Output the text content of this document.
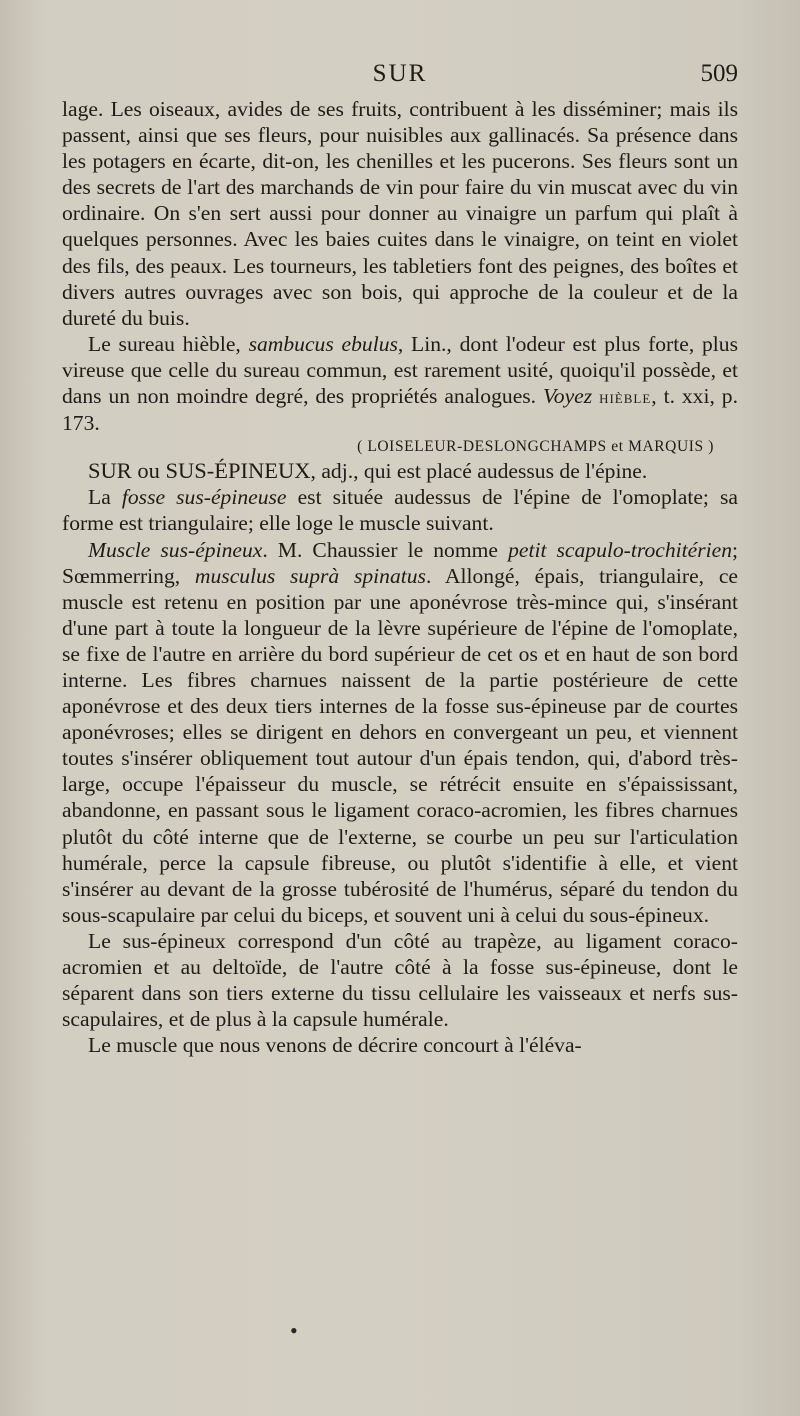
SUR	509

lage. Les oiseaux, avides de ses fruits, contribuent à les disséminer; mais ils passent, ainsi que ses fleurs, pour nuisibles aux gallinacés. Sa présence dans les potagers en écarte, dit-on, les chenilles et les pucerons. Ses fleurs sont un des secrets de l'art des marchands de vin pour faire du vin muscat avec du vin ordinaire. On s'en sert aussi pour donner au vinaigre un parfum qui plaît à quelques personnes. Avec les baies cuites dans le vinaigre, on teint en violet des fils, des peaux. Les tourneurs, les tabletiers font des peignes, des boîtes et divers autres ouvrages avec son bois, qui approche de la couleur et de la dureté du buis.

Le sureau hièble, sambucus ebulus, Lin., dont l'odeur est plus forte, plus vireuse que celle du sureau commun, est rarement usité, quoiqu'il possède, et dans un non moindre degré, des propriétés analogues. Voyez hièble, t. xxi, p. 173.

( LOISELEUR-DESLONGCHAMPS et MARQUIS )

SUR ou SUS-ÉPINEUX, adj., qui est placé audessus de l'épine.

La fosse sus-épineuse est située audessus de l'épine de l'omoplate; sa forme est triangulaire; elle loge le muscle suivant.

Muscle sus-épineux. M. Chaussier le nomme petit scapulo-trochitérien; Sœmmerring, musculus suprà spinatus. Allongé, épais, triangulaire, ce muscle est retenu en position par une aponévrose très-mince qui, s'insérant d'une part à toute la longueur de la lèvre supérieure de l'épine de l'omoplate, se fixe de l'autre en arrière du bord supérieur de cet os et en haut de son bord interne. Les fibres charnues naissent de la partie postérieure de cette aponévrose et des deux tiers internes de la fosse sus-épineuse par de courtes aponévroses; elles se dirigent en dehors en convergeant un peu, et viennent toutes s'insérer obliquement tout autour d'un épais tendon, qui, d'abord très-large, occupe l'épaisseur du muscle, se rétrécit ensuite en s'épaississant, abandonne, en passant sous le ligament coraco-acromien, les fibres charnues plutôt du côté interne que de l'externe, se courbe un peu sur l'articulation humérale, perce la capsule fibreuse, ou plutôt s'identifie à elle, et vient s'insérer au devant de la grosse tubérosité de l'humérus, séparé du tendon du sous-scapulaire par celui du biceps, et souvent uni à celui du sous-épineux.

Le sus-épineux correspond d'un côté au trapèze, au ligament coraco-acromien et au deltoïde, de l'autre côté à la fosse sus-épineuse, dont le séparent dans son tiers externe du tissu cellulaire les vaisseaux et nerfs sus-scapulaires, et de plus à la capsule humérale.

Le muscle que nous venons de décrire concourt à l'éléva-

•
